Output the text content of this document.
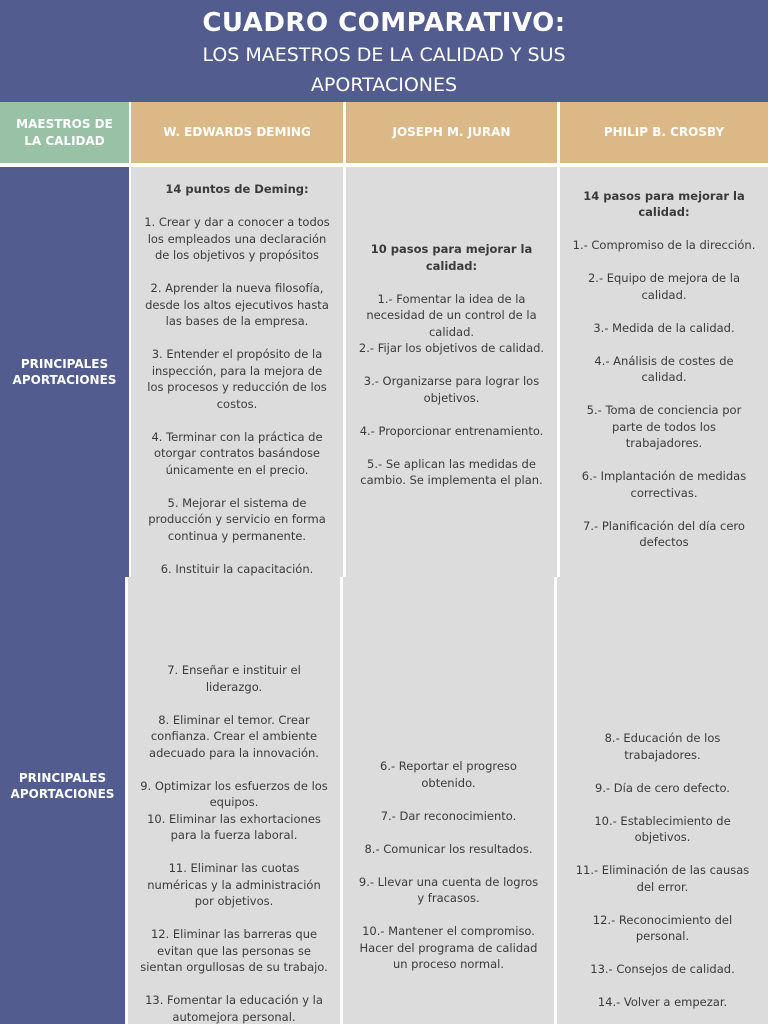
CUADRO COMPARATIVO:
LOS MAESTROS DE LA CALIDAD Y SUS APORTACIONES
MAESTROS DE LA CALIDAD
W. EDWARDS DEMING	JOSEPH M. JURAN	PHILIP B. CROSBY
PRINCIPALES APORTACIONES
14 puntos de Deming:
1. Crear y dar a conocer a todos los empleados una declaración de los objetivos y propósitos
2. Aprender la nueva filosofía, desde los altos ejecutivos hasta las bases de la empresa.
3. Entender el propósito de la inspección, para la mejora de los procesos y reducción de los costos.
4. Terminar con la práctica de otorgar contratos basándose únicamente en el precio.
5. Mejorar el sistema de producción y servicio en forma continua y permanente.
6. Instituir la capacitación.
10 pasos para mejorar la calidad:
1.- Fomentar la idea de la necesidad de un control de la calidad.
2.- Fijar los objetivos de calidad.
3.- Organizarse para lograr los objetivos.
4.- Proporcionar entrenamiento.
5.- Se aplican las medidas de cambio. Se implementa el plan.
14 pasos para mejorar la calidad:
1.- Compromiso de la dirección.
2.- Equipo de mejora de la calidad.
3.- Medida de la calidad.
4.- Análisis de costes de calidad.
5.- Toma de conciencia por parte de todos los trabajadores.
6.- Implantación de medidas correctivas.
7.- Planificación del día cero defectos
PRINCIPALES APORTACIONES
7. Enseñar e instituir el liderazgo.
8. Eliminar el temor. Crear confianza. Crear el ambiente adecuado para la innovación.
9. Optimizar los esfuerzos de los equipos.
10. Eliminar las exhortaciones para la fuerza laboral.
11. Eliminar las cuotas numéricas y la administración por objetivos.
12. Eliminar las barreras que evitan que las personas se sientan orgullosas de su trabajo.
13. Fomentar la educación y la automejora personal.
6.- Reportar el progreso obtenido.
7.- Dar reconocimiento.
8.- Comunicar los resultados.
9.- Llevar una cuenta de logros y fracasos.
10.- Mantener el compromiso. Hacer del programa de calidad un proceso normal.
8.- Educación de los trabajadores.
9.- Día de cero defecto.
10.- Establecimiento de objetivos.
11.- Eliminación de las causas del error.
12.- Reconocimiento del personal.
13.- Consejos de calidad.
14.- Volver a empezar.
